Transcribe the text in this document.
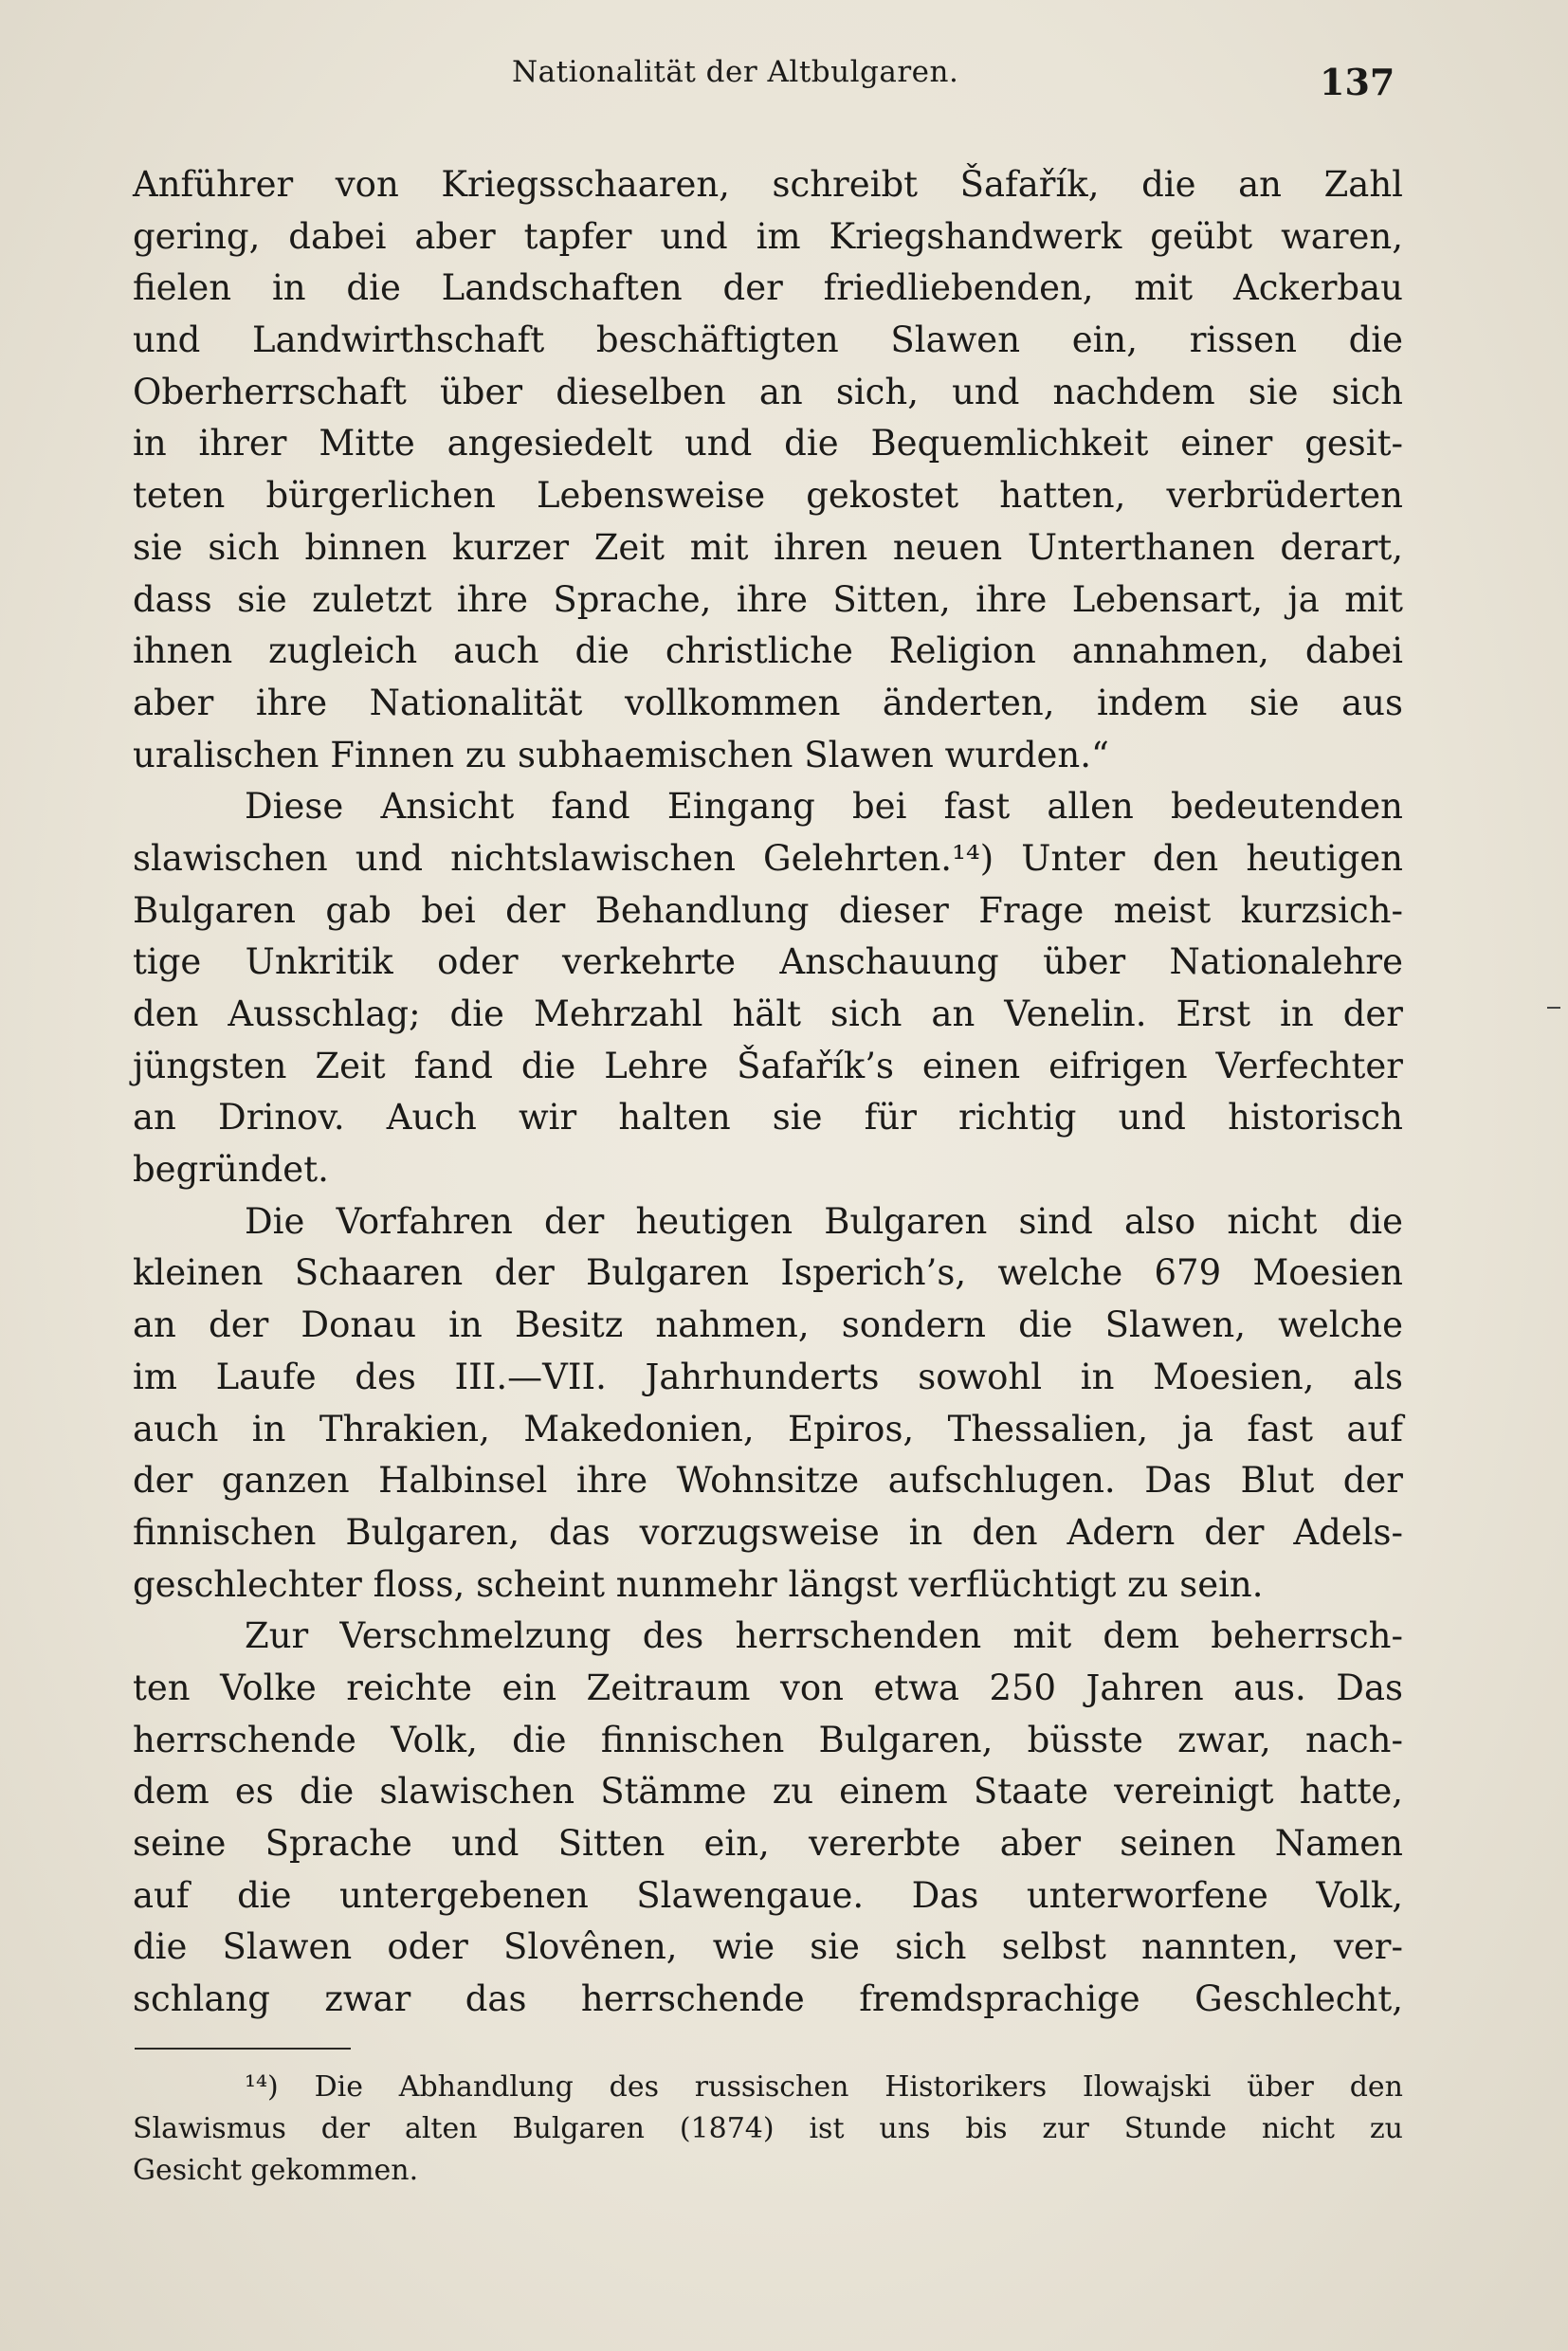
Nationalität der Altbulgaren.	137
Anführer von Kriegsschaaren, schreibt Šafařík, die an Zahl
gering, dabei aber tapfer und im Kriegshandwerk geübt waren,
fielen in die Landschaften der friedliebenden, mit Ackerbau
und Landwirthschaft beschäftigten Slawen ein, rissen die
Oberherrschaft über dieselben an sich, und nachdem sie sich
in ihrer Mitte angesiedelt und die Bequemlichkeit einer gesit-
teten bürgerlichen Lebensweise gekostet hatten, verbrüderten
sie sich binnen kurzer Zeit mit ihren neuen Unterthanen derart,
dass sie zuletzt ihre Sprache, ihre Sitten, ihre Lebensart, ja mit
ihnen zugleich auch die christliche Religion annahmen, dabei
aber ihre Nationalität vollkommen änderten, indem sie aus
uralischen Finnen zu subhaemischen Slawen wurden.“
Diese Ansicht fand Eingang bei fast allen bedeutenden
slawischen und nichtslawischen Gelehrten.¹⁴) Unter den heutigen
Bulgaren gab bei der Behandlung dieser Frage meist kurzsich-
tige Unkritik oder verkehrte Anschauung über Nationalehre
den Ausschlag; die Mehrzahl hält sich an Venelin. Erst in der
jüngsten Zeit fand die Lehre Šafařík’s einen eifrigen Verfechter
an Drinov. Auch wir halten sie für richtig und historisch
begründet.
Die Vorfahren der heutigen Bulgaren sind also nicht die
kleinen Schaaren der Bulgaren Isperich’s, welche 679 Moesien
an der Donau in Besitz nahmen, sondern die Slawen, welche
im Laufe des III.—VII. Jahrhunderts sowohl in Moesien, als
auch in Thrakien, Makedonien, Epiros, Thessalien, ja fast auf
der ganzen Halbinsel ihre Wohnsitze aufschlugen. Das Blut der
finnischen Bulgaren, das vorzugsweise in den Adern der Adels-
geschlechter floss, scheint nunmehr längst verflüchtigt zu sein.
Zur Verschmelzung des herrschenden mit dem beherrsch-
ten Volke reichte ein Zeitraum von etwa 250 Jahren aus. Das
herrschende Volk, die finnischen Bulgaren, büsste zwar, nach-
dem es die slawischen Stämme zu einem Staate vereinigt hatte,
seine Sprache und Sitten ein, vererbte aber seinen Namen
auf die untergebenen Slawengaue. Das unterworfene Volk,
die Slawen oder Slovênen, wie sie sich selbst nannten, ver-
schlang zwar das herrschende fremdsprachige Geschlecht,
¹⁴) Die Abhandlung des russischen Historikers Ilowajski über den
Slawismus der alten Bulgaren (1874) ist uns bis zur Stunde nicht zu
Gesicht gekommen.
